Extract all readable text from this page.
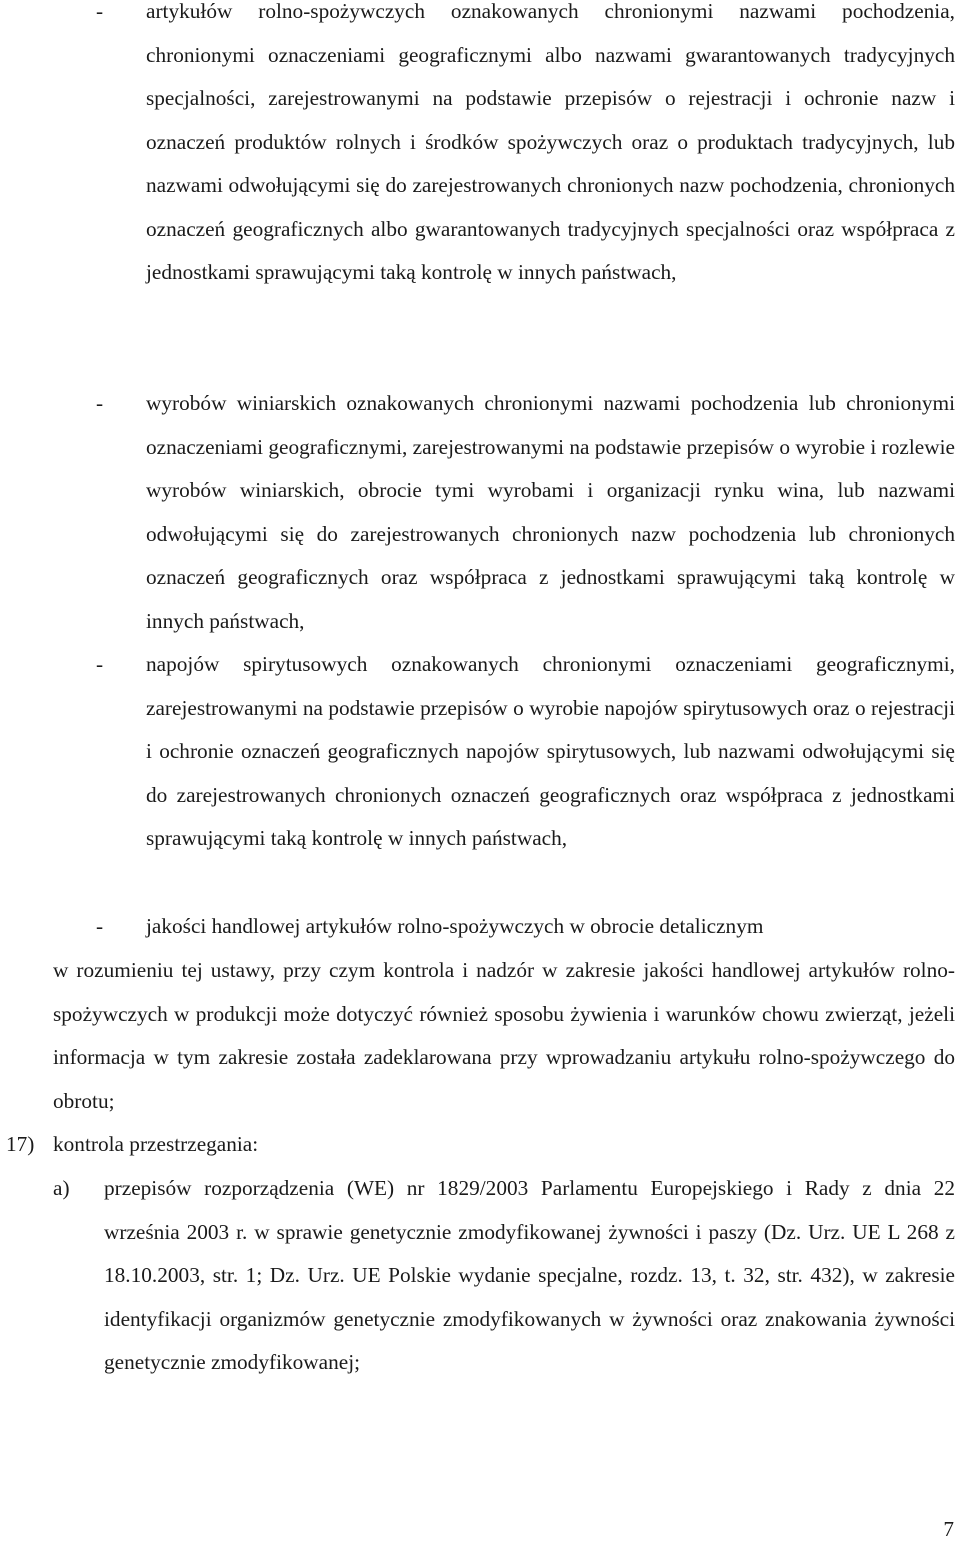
- artykułów rolno-spożywczych oznakowanych chronionymi nazwami pochodzenia, chronionymi oznaczeniami geograficznymi albo nazwami gwarantowanych tradycyjnych specjalności, zarejestrowanymi na podstawie przepisów o rejestracji i ochronie nazw i oznaczeń produktów rolnych i środków spożywczych oraz o produktach tradycyjnych, lub nazwami odwołującymi się do zarejestrowanych chronionych nazw pochodzenia, chronionych oznaczeń geograficznych albo gwarantowanych tradycyjnych specjalności oraz współpraca z jednostkami sprawującymi taką kontrolę w innych państwach,

- wyrobów winiarskich oznakowanych chronionymi nazwami pochodzenia lub chronionymi oznaczeniami geograficznymi, zarejestrowanymi na podstawie przepisów o wyrobie i rozlewie wyrobów winiarskich, obrocie tymi wyrobami i organizacji rynku wina, lub nazwami odwołującymi się do zarejestrowanych chronionych nazw pochodzenia lub chronionych oznaczeń geograficznych oraz współpraca z jednostkami sprawującymi taką kontrolę w innych państwach,

- napojów spirytusowych oznakowanych chronionymi oznaczeniami geograficznymi, zarejestrowanymi na podstawie przepisów o wyrobie napojów spirytusowych oraz o rejestracji i ochronie oznaczeń geograficznych napojów spirytusowych, lub nazwami odwołującymi się do zarejestrowanych chronionych oznaczeń geograficznych oraz współpraca z jednostkami sprawującymi taką kontrolę w innych państwach,

- jakości handlowej artykułów rolno-spożywczych w obrocie detalicznym

w rozumieniu tej ustawy, przy czym kontrola i nadzór w zakresie jakości handlowej artykułów rolno-spożywczych w produkcji może dotyczyć również sposobu żywienia i warunków chowu zwierząt, jeżeli informacja w tym zakresie została zadeklarowana przy wprowadzaniu artykułu rolno-spożywczego do obrotu;

17) kontrola przestrzegania:
a) przepisów rozporządzenia (WE) nr 1829/2003 Parlamentu Europejskiego i Rady z dnia 22 września 2003 r. w sprawie genetycznie zmodyfikowanej żywności i paszy (Dz. Urz. UE L 268 z 18.10.2003, str. 1; Dz. Urz. UE Polskie wydanie specjalne, rozdz. 13, t. 32, str. 432), w zakresie identyfikacji organizmów genetycznie zmodyfikowanych w żywności oraz znakowania żywności genetycznie zmodyfikowanej;

7
